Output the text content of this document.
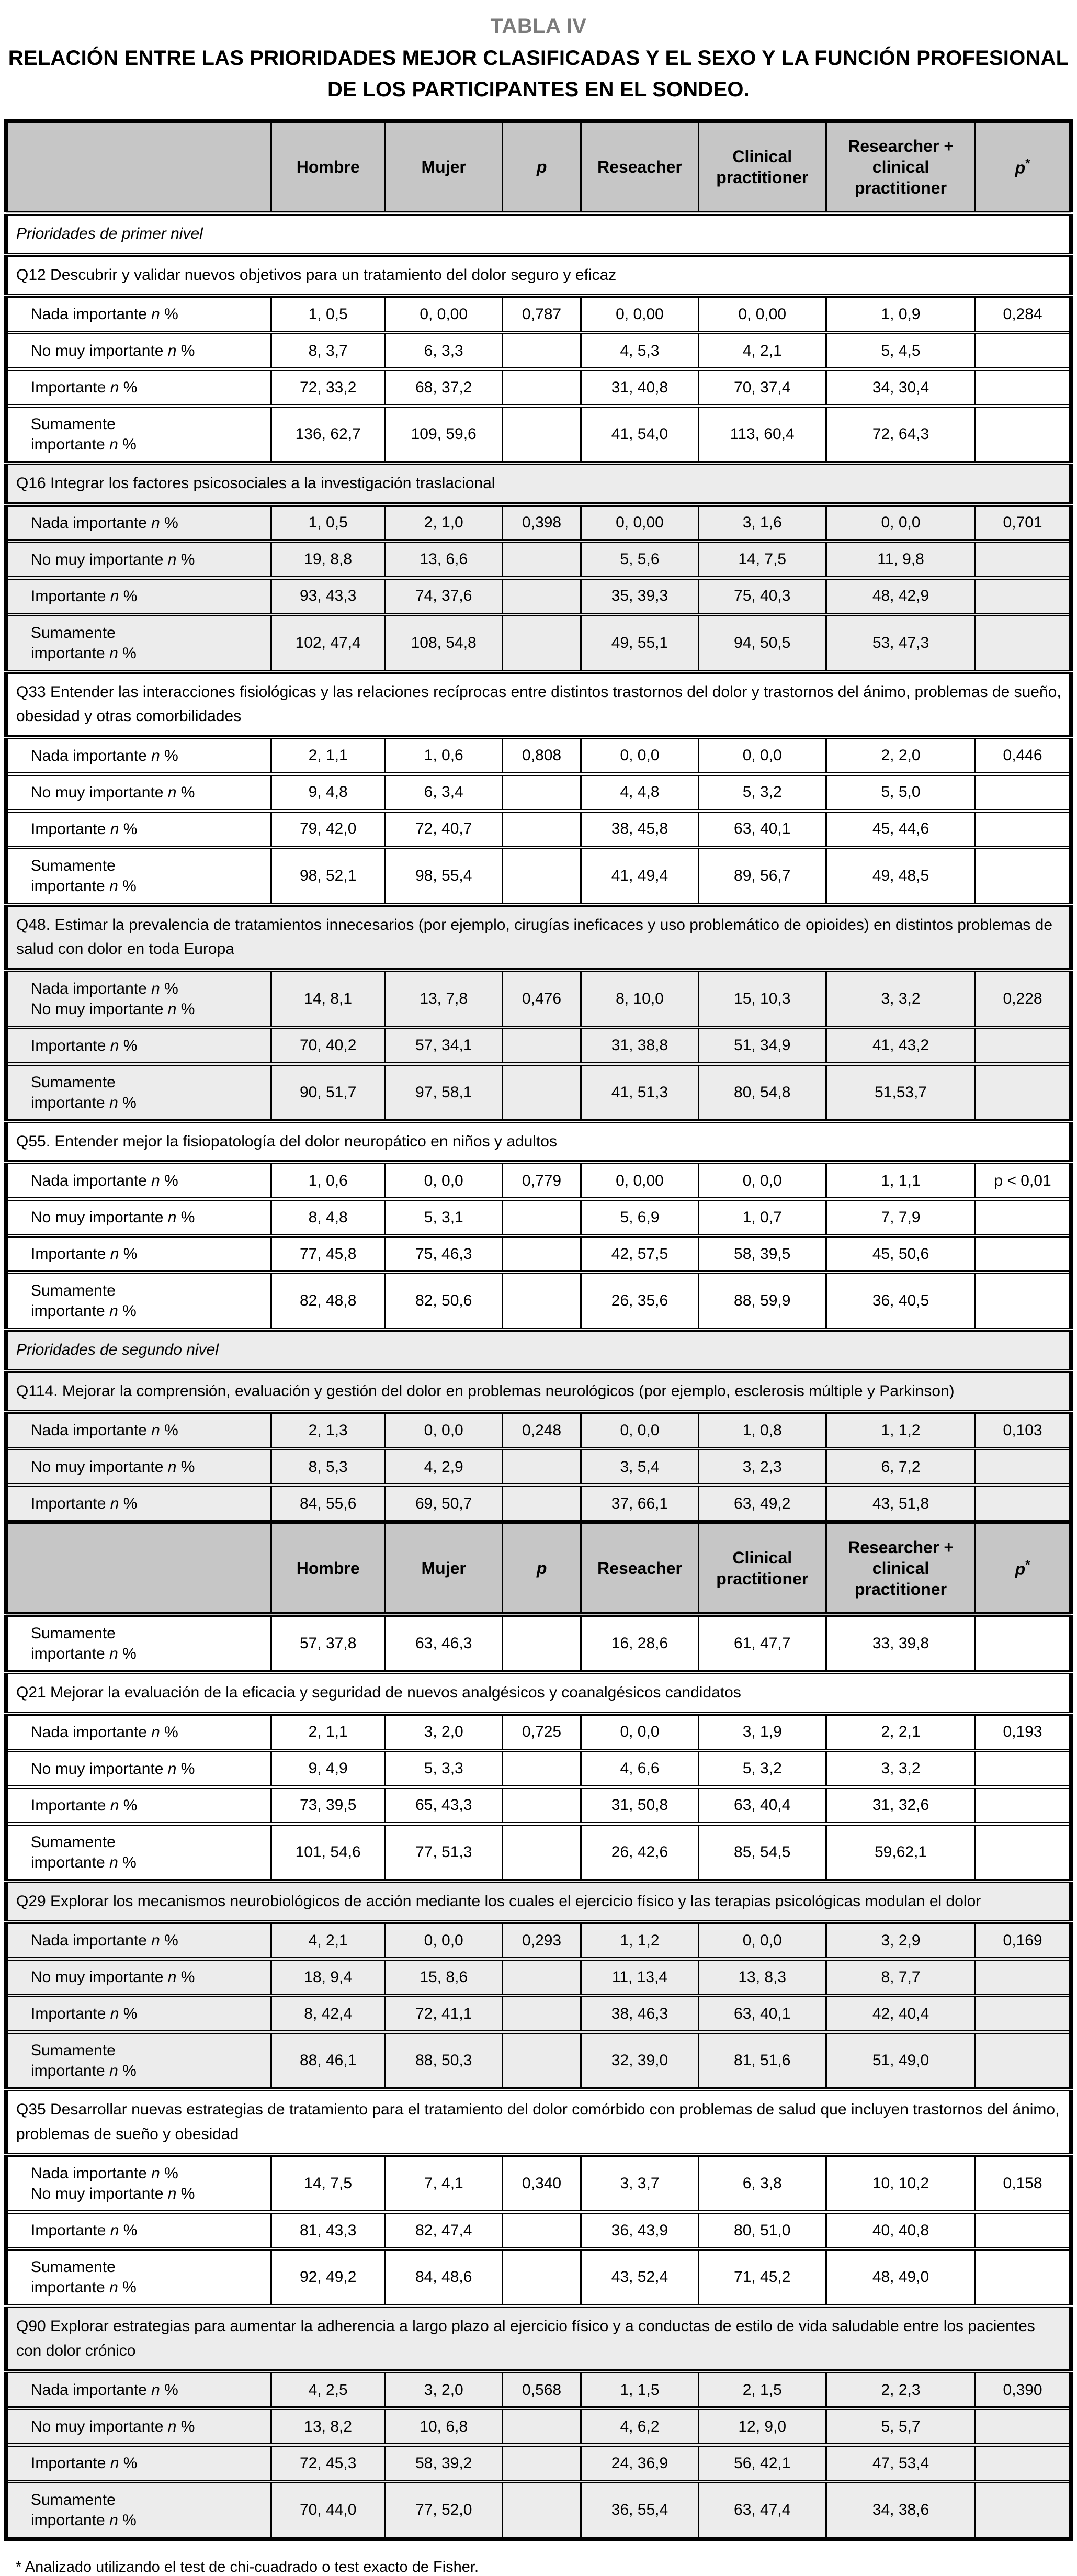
TABLA IV
RELACIÓN ENTRE LAS PRIORIDADES MEJOR CLASIFICADAS Y EL SEXO Y LA FUNCIÓN PROFESIONAL
DE LOS PARTICIPANTES EN EL SONDEO.
	Hombre	Mujer	p	Reseacher	Clinical practitioner	Researcher + clinical practitioner	p*
Prioridades de primer nivel							
Q12 Descubrir y validar nuevos objetivos para un tratamiento del dolor seguro y eficaz							

Nada importante n %	1, 0,5	0, 0,00	0,787	0, 0,00	0, 0,00	1, 0,9	0,284

No muy importante n %	8, 3,7	6, 3,3		4, 5,3	4, 2,1	5, 4,5	

Importante n %	72, 33,2	68, 37,2		31, 40,8	70, 37,4	34, 30,4	

Sumamente
importante n %	136, 62,7	109, 59,6		41, 54,0	113, 60,4	72, 64,3	
Q16 Integrar los factores psicosociales a la investigación traslacional							

Nada importante n %	1, 0,5	2, 1,0	0,398	0, 0,00	3, 1,6	0, 0,0	0,701

No muy importante n %	19, 8,8	13, 6,6		5, 5,6	14, 7,5	11, 9,8	

Importante n %	93, 43,3	74, 37,6		35, 39,3	75, 40,3	48, 42,9	

Sumamente
importante n %	102, 47,4	108, 54,8		49, 55,1	94, 50,5	53, 47,3	
Q33 Entender las interacciones fisiológicas y las relaciones recíprocas entre distintos trastornos del dolor y trastornos del ánimo, problemas de sueño, obesidad y otras comorbilidades							

Nada importante n %	2, 1,1	1, 0,6	0,808	0, 0,0	0, 0,0	2, 2,0	0,446

No muy importante n %	9, 4,8	6, 3,4		4, 4,8	5, 3,2	5, 5,0	

Importante n %	79, 42,0	72, 40,7		38, 45,8	63, 40,1	45, 44,6	

Sumamente
importante n %	98, 52,1	98, 55,4		41, 49,4	89, 56,7	49, 48,5	
Q48. Estimar la prevalencia de tratamientos innecesarios (por ejemplo, cirugías ineficaces y uso problemático de opioides) en distintos problemas de salud con dolor en toda Europa							

Nada importante n %
No muy importante n %	14, 8,1	13, 7,8	0,476	8, 10,0	15, 10,3	3, 3,2	0,228

Importante n %	70, 40,2	57, 34,1		31, 38,8	51, 34,9	41, 43,2	

Sumamente
importante n %	90, 51,7	97, 58,1		41, 51,3	80, 54,8	51,53,7	
Q55. Entender mejor la fisiopatología del dolor neuropático en niños y adultos							

Nada importante n %	1, 0,6	0, 0,0	0,779	0, 0,00	0, 0,0	1, 1,1	p < 0,01

No muy importante n %	8, 4,8	5, 3,1		5, 6,9	1, 0,7	7, 7,9	

Importante n %	77, 45,8	75, 46,3		42, 57,5	58, 39,5	45, 50,6	

Sumamente
importante n %	82, 48,8	82, 50,6		26, 35,6	88, 59,9	36, 40,5	
Prioridades de segundo nivel							
Q114. Mejorar la comprensión, evaluación y gestión del dolor en problemas neurológicos (por ejemplo, esclerosis múltiple y Parkinson)							

Nada importante n %	2, 1,3	0, 0,0	0,248	0, 0,0	1, 0,8	1, 1,2	0,103

No muy importante n %	8, 5,3	4, 2,9		3, 5,4	3, 2,3	6, 7,2	

Importante n %	84, 55,6	69, 50,7		37, 66,1	63, 49,2	43, 51,8	
	Hombre	Mujer	p	Reseacher	Clinical practitioner	Researcher + clinical practitioner	p*

Sumamente
importante n %	57, 37,8	63, 46,3		16, 28,6	61, 47,7	33, 39,8	
Q21 Mejorar la evaluación de la eficacia y seguridad de nuevos analgésicos y coanalgésicos candidatos							

Nada importante n %	2, 1,1	3, 2,0	0,725	0, 0,0	3, 1,9	2, 2,1	0,193

No muy importante n %	9, 4,9	5, 3,3		4, 6,6	5, 3,2	3, 3,2	

Importante n %	73, 39,5	65, 43,3		31, 50,8	63, 40,4	31, 32,6	

Sumamente
importante n %	101, 54,6	77, 51,3		26, 42,6	85, 54,5	59,62,1	
Q29 Explorar los mecanismos neurobiológicos de acción mediante los cuales el ejercicio físico y las terapias psicológicas modulan el dolor							

Nada importante n %	4, 2,1	0, 0,0	0,293	1, 1,2	0, 0,0	3, 2,9	0,169

No muy importante n %	18, 9,4	15, 8,6		11, 13,4	13, 8,3	8, 7,7	

Importante n %	8, 42,4	72, 41,1		38, 46,3	63, 40,1	42, 40,4	

Sumamente
importante n %	88, 46,1	88, 50,3		32, 39,0	81, 51,6	51, 49,0	
Q35 Desarrollar nuevas estrategias de tratamiento para el tratamiento del dolor comórbido con problemas de salud que incluyen trastornos del ánimo, problemas de sueño y obesidad							

Nada importante n %
No muy importante n %	14, 7,5	7, 4,1	0,340	3, 3,7	6, 3,8	10, 10,2	0,158

Importante n %	81, 43,3	82, 47,4		36, 43,9	80, 51,0	40, 40,8	

Sumamente
importante n %	92, 49,2	84, 48,6		43, 52,4	71, 45,2	48, 49,0	
Q90 Explorar estrategias para aumentar la adherencia a largo plazo al ejercicio físico y a conductas de estilo de vida saludable entre los pacientes con dolor crónico							

Nada importante n %	4, 2,5	3, 2,0	0,568	1, 1,5	2, 1,5	2, 2,3	0,390

No muy importante n %	13, 8,2	10, 6,8		4, 6,2	12, 9,0	5, 5,7	

Importante n %	72, 45,3	58, 39,2		24, 36,9	56, 42,1	47, 53,4	

Sumamente
importante n %	70, 44,0	77, 52,0		36, 55,4	63, 47,4	34, 38,6	
* Analizado utilizando el test de chi-cuadrado o test exacto de Fisher.
